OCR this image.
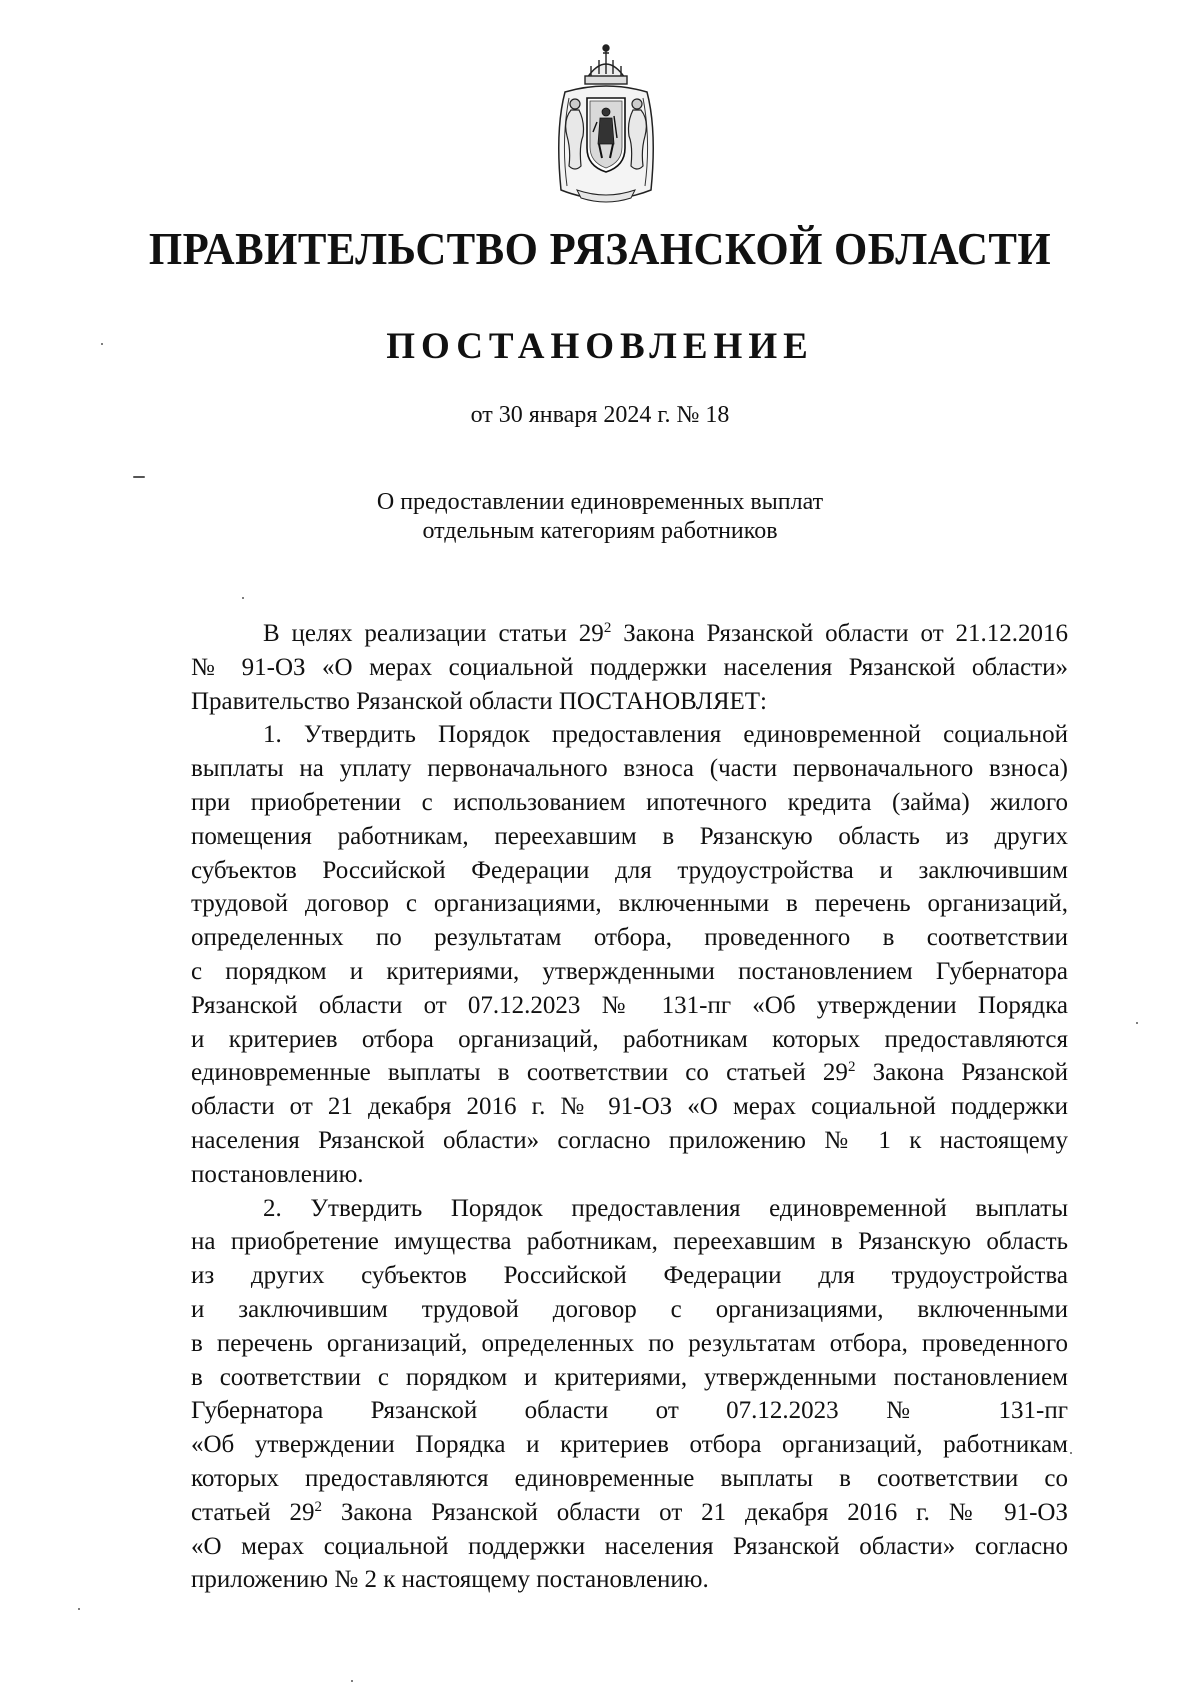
ПРАВИТЕЛЬСТВО РЯЗАНСКОЙ ОБЛАСТИ
ПОСТАНОВЛЕНИЕ
от 30 января 2024 г. № 18
О предоставлении единовременных выплат
отдельным категориям работников
В целях реализации статьи $29^2$ Закона Рязанской области от 21.12.2016
№ 91-ОЗ «О мерах социальной поддержки населения Рязанской области»
Правительство Рязанской области ПОСТАНОВЛЯЕТ:
1. Утвердить Порядок предоставления единовременной социальной
выплаты на уплату первоначального взноса (части первоначального взноса)
при приобретении с использованием ипотечного кредита (займа) жилого
помещения работникам, переехавшим в Рязанскую область из других
субъектов Российской Федерации для трудоустройства и заключившим
трудовой договор с организациями, включенными в перечень организаций,
определенных по результатам отбора, проведенного в соответствии
с порядком и критериями, утвержденными постановлением Губернатора
Рязанской области от 07.12.2023 № 131-пг «Об утверждении Порядка
и критериев отбора организаций, работникам которых предоставляются
единовременные выплаты в соответствии со статьей $29^2$ Закона Рязанской
области от 21 декабря 2016 г. № 91-ОЗ «О мерах социальной поддержки
населения Рязанской области» согласно приложению № 1 к настоящему
постановлению.
2. Утвердить Порядок предоставления единовременной выплаты
на приобретение имущества работникам, переехавшим в Рязанскую область
из других субъектов Российской Федерации для трудоустройства
и заключившим трудовой договор с организациями, включенными
в перечень организаций, определенных по результатам отбора, проведенного
в соответствии с порядком и критериями, утвержденными постановлением
Губернатора Рязанской области от 07.12.2023 № 131-пг
«Об утверждении Порядка и критериев отбора организаций, работникам
которых предоставляются единовременные выплаты в соответствии со
статьей $29^2$ Закона Рязанской области от 21 декабря 2016 г. № 91-ОЗ
«О мерах социальной поддержки населения Рязанской области» согласно
приложению № 2 к настоящему постановлению.
